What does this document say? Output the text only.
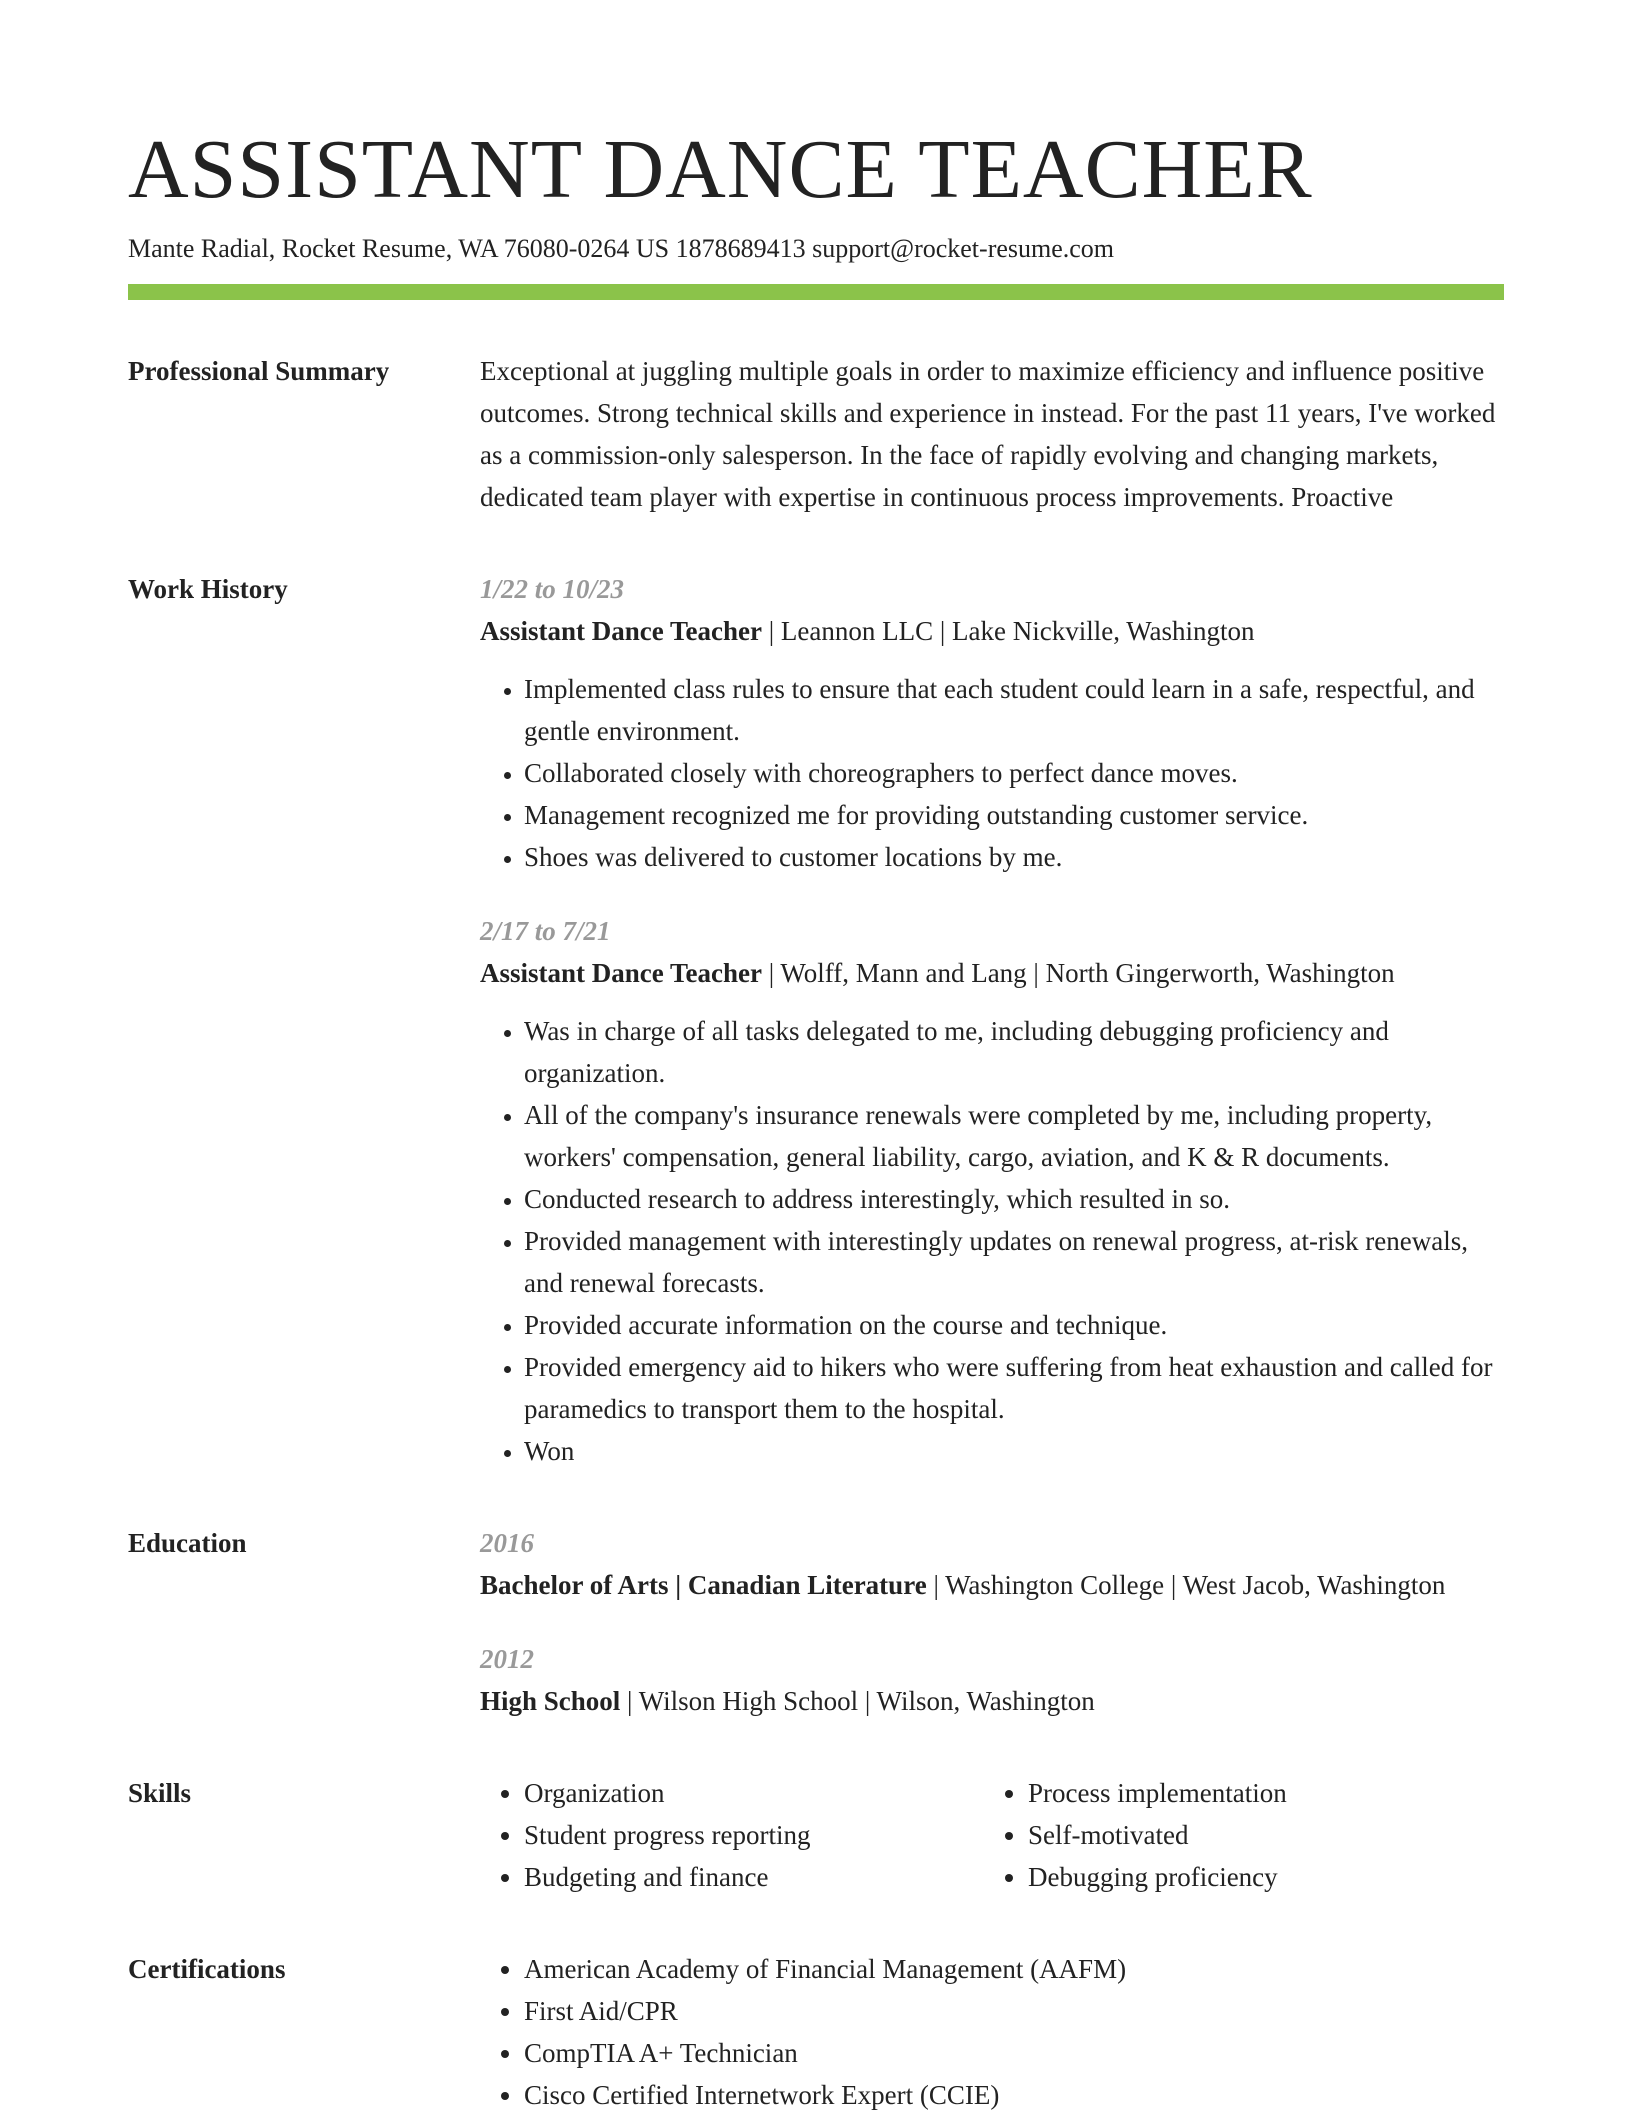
ASSISTANT DANCE TEACHER
Mante Radial, Rocket Resume, WA 76080-0264 US 1878689413 support@rocket-resume.com
Professional Summary	Exceptional at juggling multiple goals in order to maximize efficiency and influence positive outcomes. Strong technical skills and experience in instead. For the past 11 years, I've worked as a commission-only salesperson. In the face of rapidly evolving and changing markets, dedicated team player with expertise in continuous process improvements. Proactive

Work History	1/22 to 10/23
Assistant Dance Teacher | Leannon LLC | Lake Nickville, Washington
• Implemented class rules to ensure that each student could learn in a safe, respectful, and gentle environment.
• Collaborated closely with choreographers to perfect dance moves.
• Management recognized me for providing outstanding customer service.
• Shoes was delivered to customer locations by me.
2/17 to 7/21
Assistant Dance Teacher | Wolff, Mann and Lang | North Gingerworth, Washington
• Was in charge of all tasks delegated to me, including debugging proficiency and organization.
• All of the company's insurance renewals were completed by me, including property, workers' compensation, general liability, cargo, aviation, and K & R documents.
• Conducted research to address interestingly, which resulted in so.
• Provided management with interestingly updates on renewal progress, at-risk renewals, and renewal forecasts.
• Provided accurate information on the course and technique.
• Provided emergency aid to hikers who were suffering from heat exhaustion and called for paramedics to transport them to the hospital.
• Won
Education	2016
Bachelor of Arts | Canadian Literature | Washington College | West Jacob, Washington
2012
High School | Wilson High School | Wilson, Washington
Skills	• Organization
• Student progress reporting
• Budgeting and finance
• Process implementation
• Self-motivated
• Debugging proficiency
Certifications	• American Academy of Financial Management (AAFM)
• First Aid/CPR
• CompTIA A+ Technician
• Cisco Certified Internetwork Expert (CCIE)
